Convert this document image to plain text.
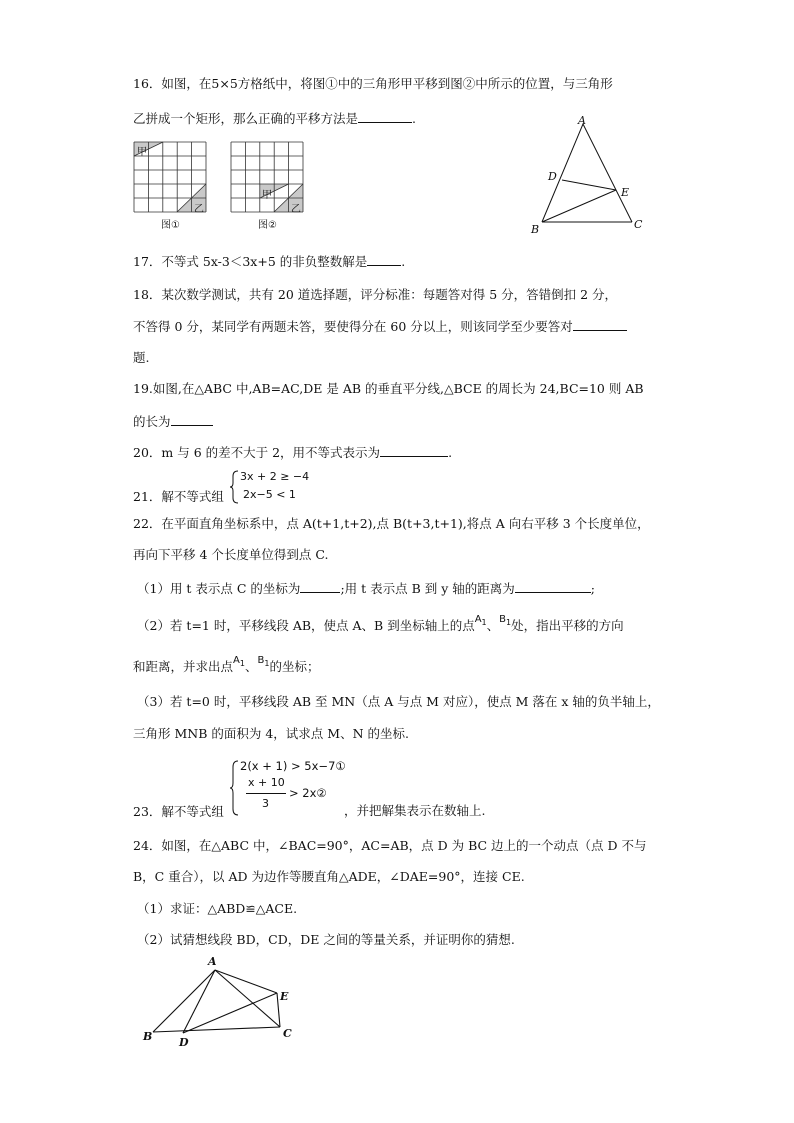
16．如图，在5×5方格纸中，将图①中的三角形甲平移到图②中所示的位置，与三角形
乙拼成一个矩形，那么正确的平移方法是	.
甲
乙
图①
甲
乙
图②
A
D
E
B	C
17．不等式 5x-3＜3x+5 的非负整数解是	.
18．某次数学测试，共有 20 道选择题，评分标准：每题答对得 5 分，答错倒扣 2 分，
不答得 0 分，某同学有两题未答，要使得分在 60 分以上，则该同学至少要答对
题.
19.如图,在△ABC 中,AB=AC,DE 是 AB 的垂直平分线,△BCE 的周长为 24,BC=10 则 AB
的长为
20．m 与 6 的差不大于 2，用不等式表示为	.
21．解不等式组
3x + 2 ≥ −4
2x−5 < 1
22．在平面直角坐标系中，点 A(t+1,t+2),点 B(t+3,t+1),将点 A 向右平移 3 个长度单位，
再向下平移 4 个长度单位得到点 C.
（1）用 t 表示点 C 的坐标为	;用 t 表示点 B 到 y 轴的距离为	;
（2）若 t=1 时，平移线段 AB，使点 A、B 到坐标轴上的点$^{A_1}$、$^{B_1}$处，指出平移的方向
和距离，并求出点$^{A_1}$、$^{B_1}$的坐标；
（3）若 t=0 时，平移线段 AB 至 MN（点 A 与点 M 对应），使点 M 落在 x 轴的负半轴上，
三角形 MNB 的面积为 4，试求点 M、N 的坐标.
2(x + 1) > 5x−7①
x + 10
3
> 2x②
23．解不等式组	，并把解集表示在数轴上.
24．如图，在△ABC 中，∠BAC=90°，AC=AB，点 D 为 BC 边上的一个动点（点 D 不与
B，C 重合），以 AD 为边作等腰直角△ADE，∠DAE=90°，连接 CE.
（1）求证：△ABD≌△ACE.
（2）试猜想线段 BD，CD，DE 之间的等量关系，并证明你的猜想.
A
E
B D
C
